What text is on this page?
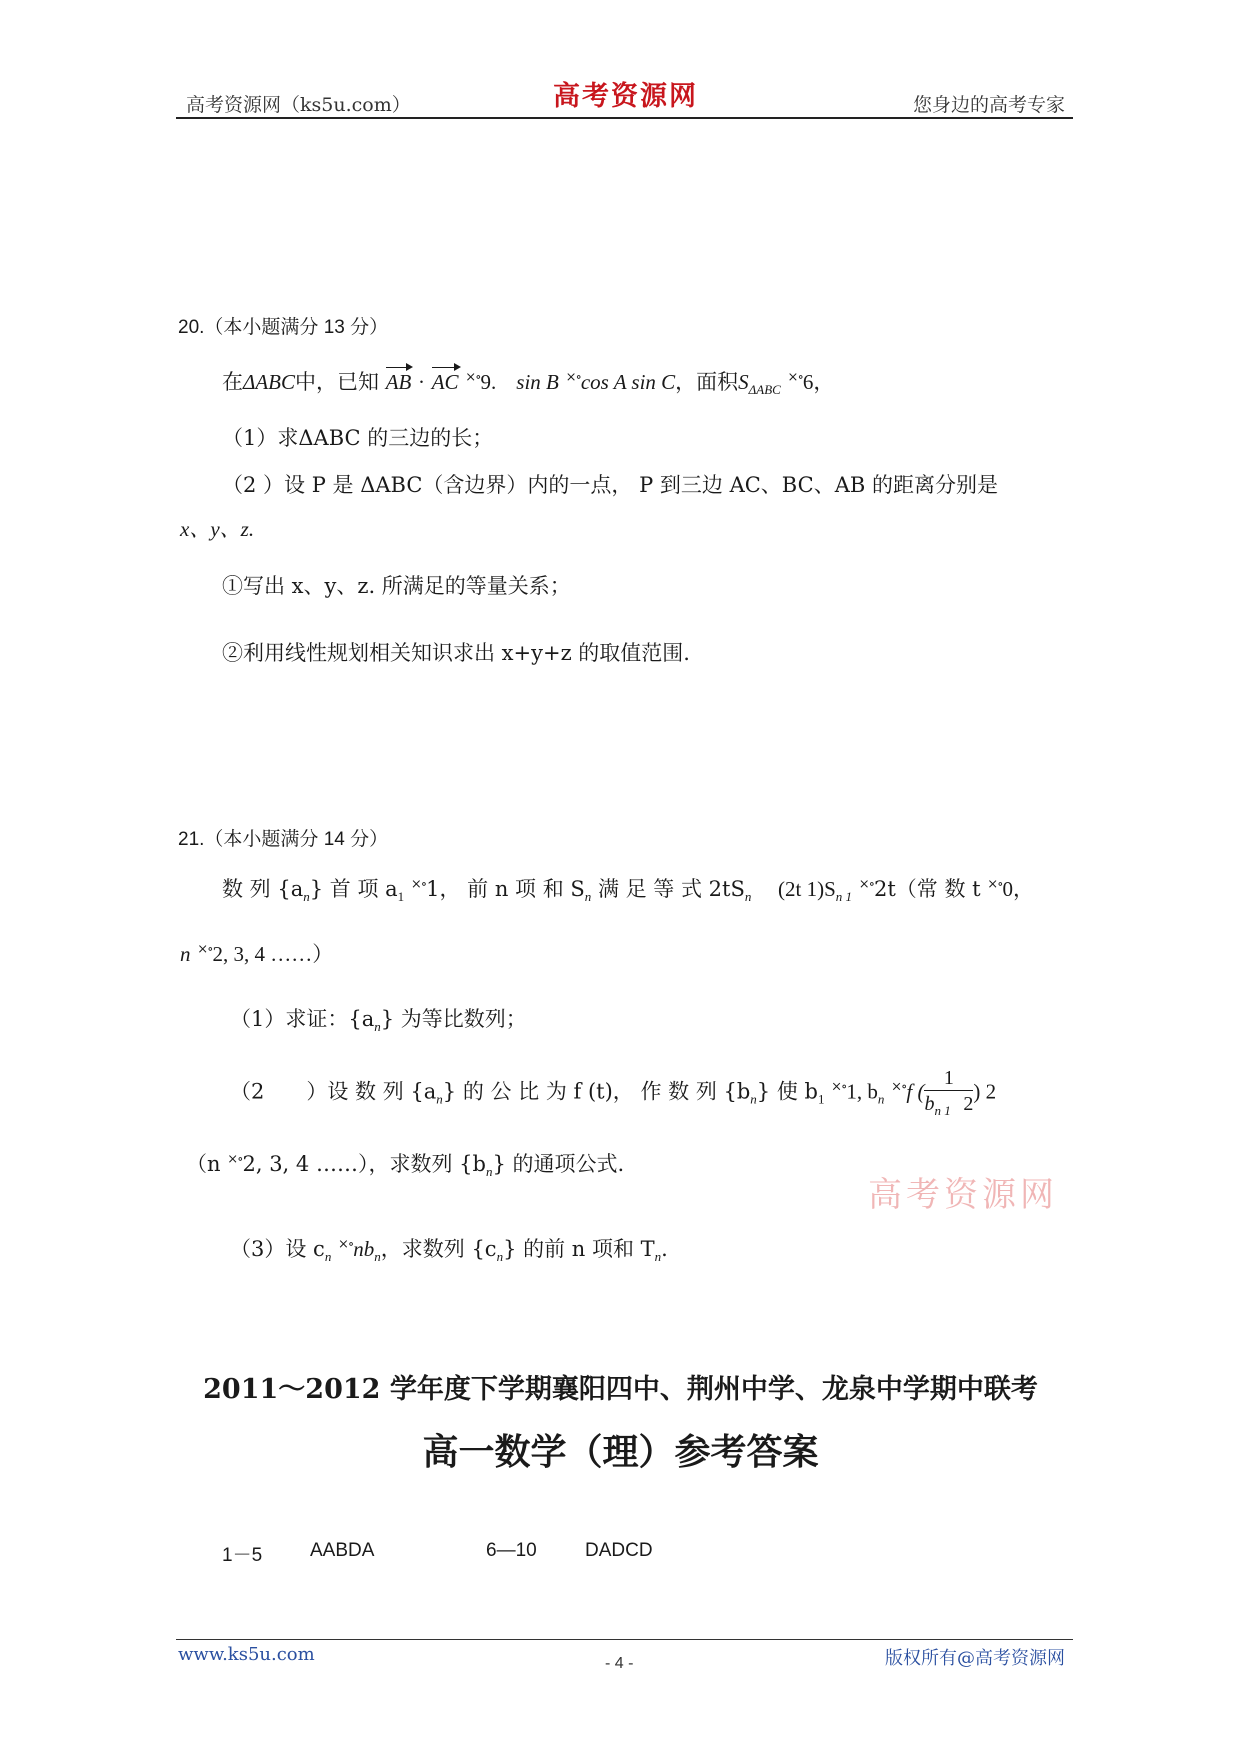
高考资源网（ks5u.com）	高考资源网	您身边的高考专家
20.（本小题满分 13 分）
在ΔABC中，已知 AB · AC ×∘9. sin B ×∘cos A sin C，面积$S_{\Delta ABC}$ ×∘6，
（1）求ΔABC 的三边的长；
（2 ）设 P 是 ΔABC（含边界）内的一点， P 到三边 AC、BC、AB 的距离分别是
x、y、z.
①写出 x、y、z. 所满足的等量关系；
②利用线性规划相关知识求出 x+y+z 的取值范围.
21.（本小题满分 14 分）
数 列 $\{a_n\}$ 首 项 $a_1$ ×∘1， 前 n 项 和 $S_n$ 满 足 等 式 $2tS_n$ (2t $1)S_{n 1}$ ×∘2t（常 数 t ×∘0，
n ×∘2, 3, 4 ……）
（1）求证：$\{a_n\}$ 为等比数列；
（2　　）设 数 列 $\{a_n\}$ 的 公 比 为 f (t)， 作 数 列 $\{b_n\}$ 使 $b_1$ ×∘1, $b_n$ ×∘f ( $\frac{1}{b_{n 1} 2}$ ) 2
（n ×∘2, 3, 4 ……），求数列 $\{b_n\}$ 的通项公式.
高考资源网
（3）设 $c_n$ $^{\times\circ}nb_n$，求数列 $\{c_n\}$ 的前 n 项和 $T_n$.
2011～2012 学年度下学期襄阳四中、荆州中学、龙泉中学期中联考
高一数学（理）参考答案
1－5	AABDA	6—10	DADCD
www.ks5u.com	- 4 -	版权所有@高考资源网
